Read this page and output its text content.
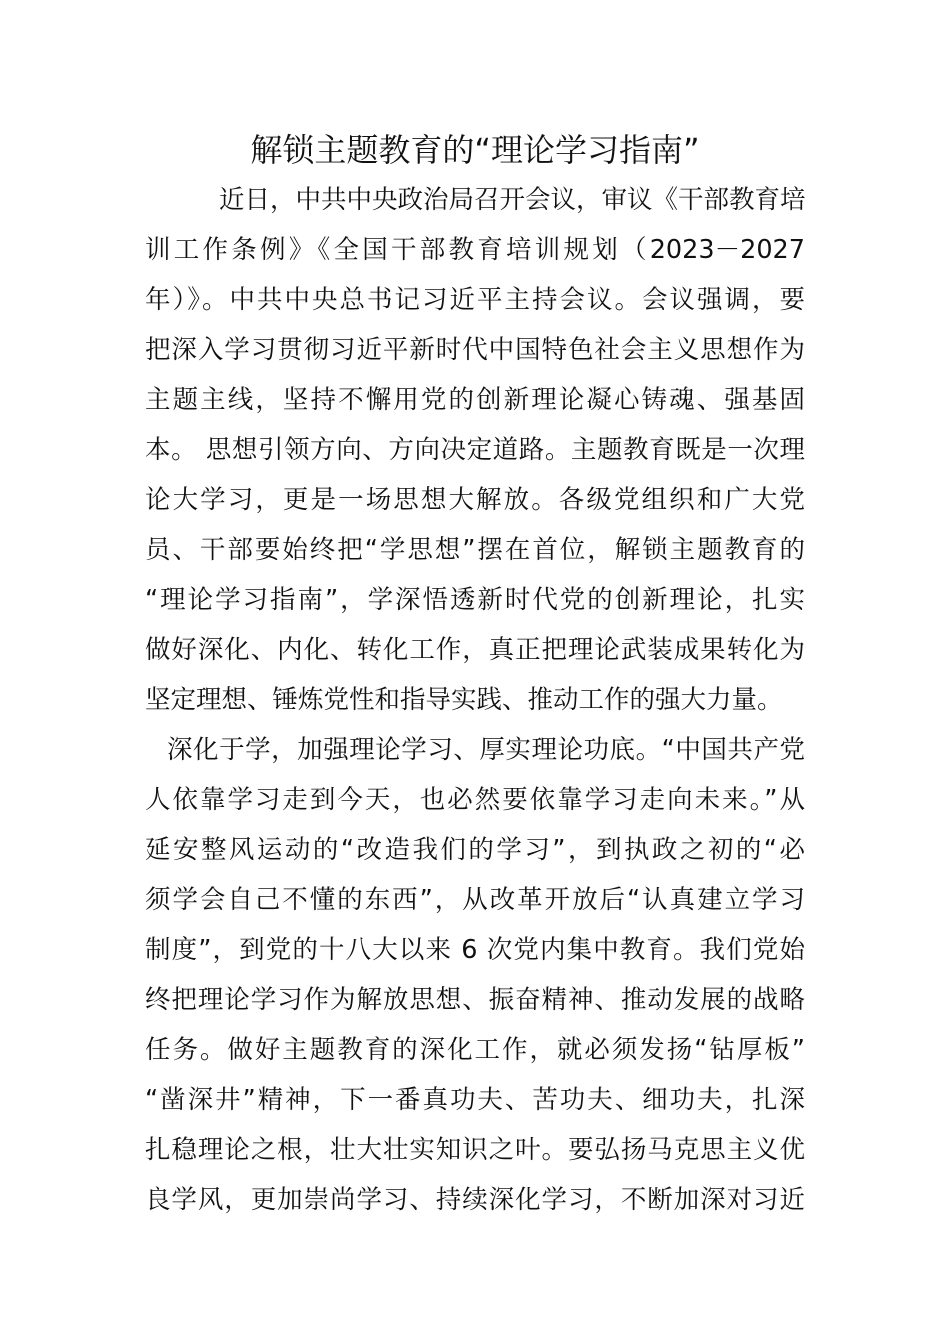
解锁主题教育的“理论学习指南”
近日，中共中央政治局召开会议，审议《干部教育培
训工作条例》《全国干部教育培训规划（2023－2027
年）》。中共中央总书记习近平主持会议。会议强调，要
把深入学习贯彻习近平新时代中国特色社会主义思想作为
主题主线，坚持不懈用党的创新理论凝心铸魂、强基固
本。 思想引领方向、方向决定道路。主题教育既是一次理
论大学习，更是一场思想大解放。各级党组织和广大党
员、干部要始终把“学思想”摆在首位，解锁主题教育的
“理论学习指南”，学深悟透新时代党的创新理论，扎实
做好深化、内化、转化工作，真正把理论武装成果转化为
坚定理想、锤炼党性和指导实践、推动工作的强大力量。
深化于学，加强理论学习、厚实理论功底。“中国共产党
人依靠学习走到今天，也必然要依靠学习走向未来。”从
延安整风运动的“改造我们的学习”，到执政之初的“必
须学会自己不懂的东西”，从改革开放后“认真建立学习
制度”，到党的十八大以来 6 次党内集中教育。我们党始
终把理论学习作为解放思想、振奋精神、推动发展的战略
任务。做好主题教育的深化工作，就必须发扬“钻厚板”
“凿深井”精神，下一番真功夫、苦功夫、细功夫，扎深
扎稳理论之根，壮大壮实知识之叶。要弘扬马克思主义优
良学风，更加崇尚学习、持续深化学习，不断加深对习近
